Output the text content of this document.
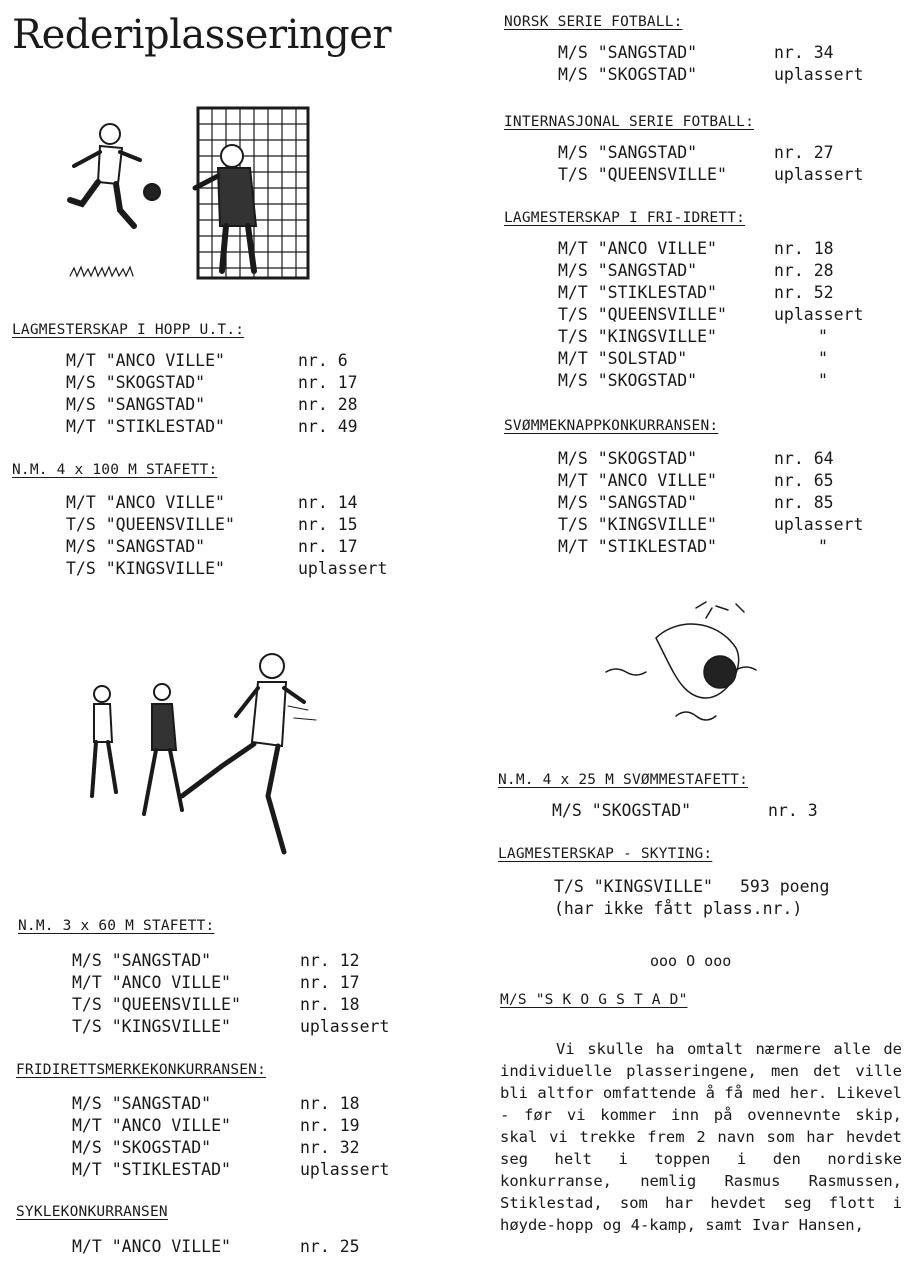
Rederiplasseringer
LAGMESTERSKAP I HOPP U.T.:
M/T "ANCO VILLE"	nr. 6
M/S "SKOGSTAD"	nr. 17
M/S "SANGSTAD"	nr. 28
M/T "STIKLESTAD"	nr. 49
N.M. 4 x 100 M STAFETT:
M/T "ANCO VILLE"	nr. 14
T/S "QUEENSVILLE"	nr. 15
M/S "SANGSTAD"	nr. 17
T/S "KINGSVILLE"	uplassert
N.M. 3 x 60 M STAFETT:
M/S "SANGSTAD"	nr. 12
M/T "ANCO VILLE"	nr. 17
T/S "QUEENSVILLE"	nr. 18
T/S "KINGSVILLE"	uplassert
FRIDIRETTSMERKEKONKURRANSEN:
M/S "SANGSTAD"	nr. 18
M/T "ANCO VILLE"	nr. 19
M/S "SKOGSTAD"	nr. 32
M/T "STIKLESTAD"	uplassert
SYKLEKONKURRANSEN
M/T "ANCO VILLE"	nr. 25
NORSK SERIE FOTBALL:
M/S "SANGSTAD"	nr. 34
M/S "SKOGSTAD"	uplassert
INTERNASJONAL SERIE FOTBALL:
M/S "SANGSTAD"	nr. 27
T/S "QUEENSVILLE"	uplassert
LAGMESTERSKAP I FRI-IDRETT:
M/T "ANCO VILLE"	nr. 18
M/S "SANGSTAD"	nr. 28
M/T "STIKLESTAD"	nr. 52
T/S "QUEENSVILLE"	uplassert
T/S "KINGSVILLE"	"
M/T "SOLSTAD"	"
M/S "SKOGSTAD"	"
SVØMMEKNAPPKONKURRANSEN:
M/S "SKOGSTAD"	nr. 64
M/T "ANCO VILLE"	nr. 65
M/S "SANGSTAD"	nr. 85
T/S "KINGSVILLE"	uplassert
M/T "STIKLESTAD"	"
N.M. 4 x 25 M SVØMMESTAFETT:
M/S "SKOGSTAD"	nr. 3
LAGMESTERSKAP - SKYTING:
T/S "KINGSVILLE" 593 poeng
(har ikke fått plass.nr.)
ooo O ooo
M/S "S K O G S T A D"

Vi skulle ha omtalt nærmere alle de individuelle plasseringene, men det ville bli altfor omfattende å få med her. Likevel - før vi kommer inn på ovennevnte skip, skal vi trekke frem 2 navn som har hevdet seg helt i toppen i den nordiske konkurranse, nemlig Rasmus Rasmussen, Stiklestad, som har hevdet seg flott i høyde-hopp og 4-kamp, samt Ivar Hansen,
